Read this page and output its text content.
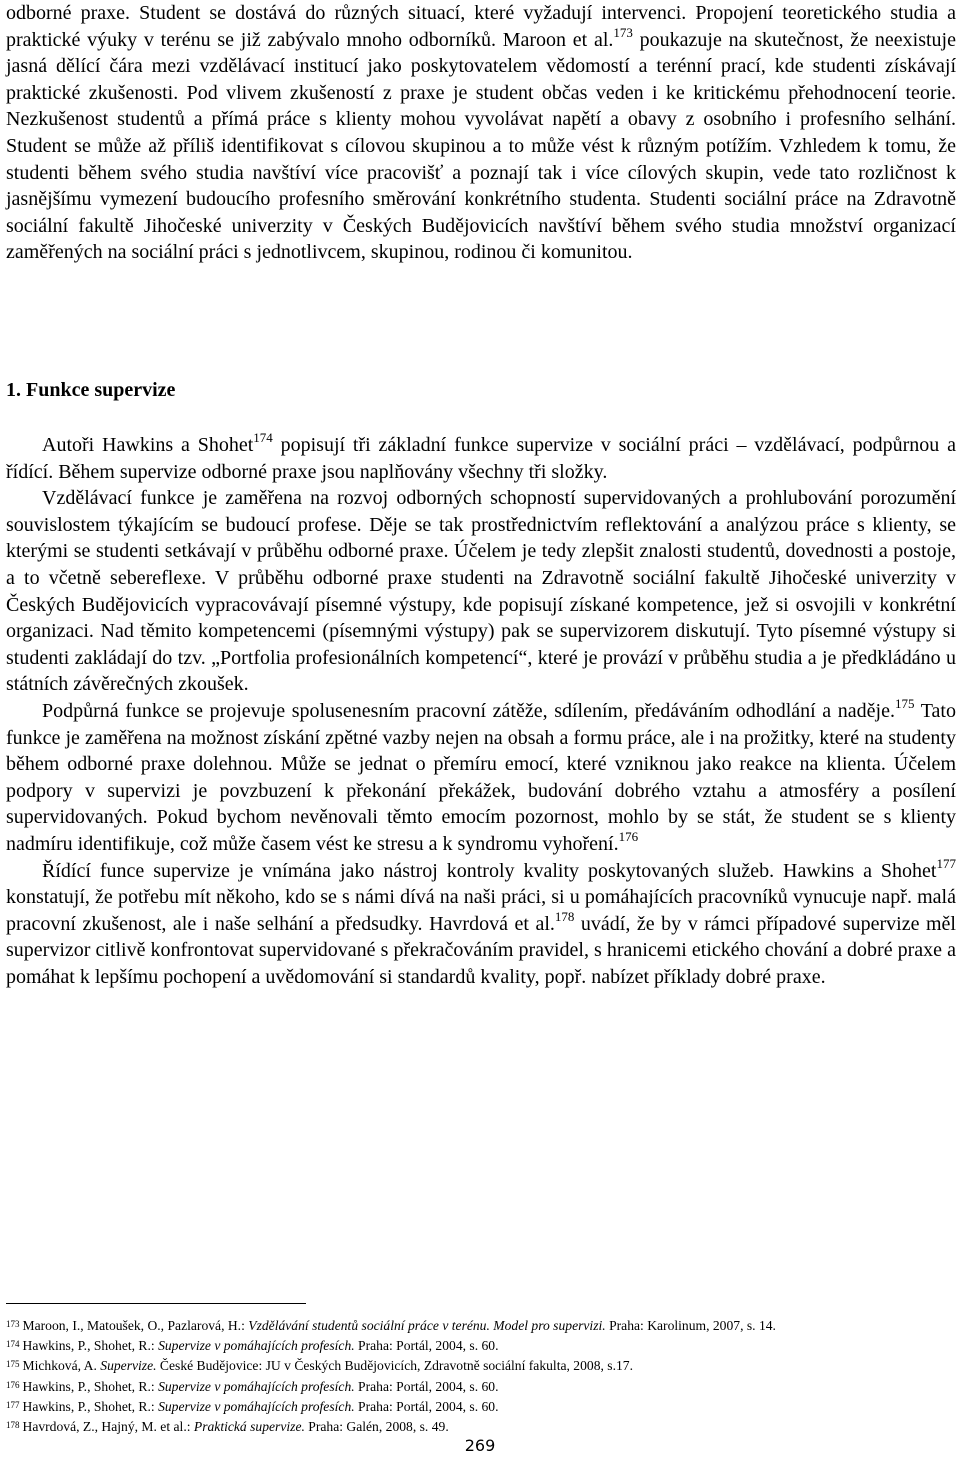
odborné praxe. Student se dostává do různých situací, které vyžadují intervenci. Propojení teoretického studia a praktické výuky v terénu se již zabývalo mnoho odborníků. Maroon et al.$^{173}$ poukazuje na skutečnost, že neexistuje jasná dělící čára mezi vzdělávací institucí jako poskytovatelem vědomostí a terénní prací, kde studenti získávají praktické zkušenosti. Pod vlivem zkušeností z praxe je student občas veden i ke kritickému přehodnocení teorie. Nezkušenost studentů a přímá práce s klienty mohou vyvolávat napětí a obavy z osobního i profesního selhání. Student se může až příliš identifikovat s cílovou skupinou a to může vést k různým potížím. Vzhledem k tomu, že studenti během svého studia navštíví více pracovišť a poznají tak i více cílových skupin, vede tato rozličnost k jasnějšímu vymezení budoucího profesního směrování konkrétního studenta. Studenti sociální práce na Zdravotně sociální fakultě Jihočeské univerzity v Českých Budějovicích navštíví během svého studia množství organizací zaměřených na sociální práci s jednotlivcem, skupinou, rodinou či komunitou.

1. Funkce supervize

Autoři Hawkins a Shohet$^{174}$ popisují tři základní funkce supervize v sociální práci – vzdělávací, podpůrnou a řídící. Během supervize odborné praxe jsou naplňovány všechny tři složky.

Vzdělávací funkce je zaměřena na rozvoj odborných schopností supervidovaných a prohlubování porozumění souvislostem týkajícím se budoucí profese. Děje se tak prostřednictvím reflektování a analýzou práce s klienty, se kterými se studenti setkávají v průběhu odborné praxe. Účelem je tedy zlepšit znalosti studentů, dovednosti a postoje, a to včetně sebereflexe. V průběhu odborné praxe studenti na Zdravotně sociální fakultě Jihočeské univerzity v Českých Budějovicích vypracovávají písemné výstupy, kde popisují získané kompetence, jež si osvojili v konkrétní organizaci. Nad těmito kompetencemi (písemnými výstupy) pak se supervizorem diskutují. Tyto písemné výstupy si studenti zakládají do tzv. „Portfolia profesionálních kompetencí“, které je provází v průběhu studia a je předkládáno u státních závěrečných zkoušek.

Podpůrná funkce se projevuje spolusenesním pracovní zátěže, sdílením, předáváním odhodlání a naděje.$^{175}$ Tato funkce je zaměřena na možnost získání zpětné vazby nejen na obsah a formu práce, ale i na prožitky, které na studenty během odborné praxe dolehnou. Může se jednat o přemíru emocí, které vzniknou jako reakce na klienta. Účelem podpory v supervizi je povzbuzení k překonání překážek, budování dobrého vztahu a atmosféry a posílení supervidovaných. Pokud bychom nevěnovali těmto emocím pozornost, mohlo by se stát, že student se s klienty nadmíru identifikuje, což může časem vést ke stresu a k syndromu vyhoření.$^{176}$

Řídící funce supervize je vnímána jako nástroj kontroly kvality poskytovaných služeb. Hawkins a Shohet$^{177}$ konstatují, že potřebu mít někoho, kdo se s námi dívá na naši práci, si u pomáhajících pracovníků vynucuje např. malá pracovní zkušenost, ale i naše selhání a předsudky. Havrdová et al.$^{178}$ uvádí, že by v rámci případové supervize měl supervizor citlivě konfrontovat supervidované s překračováním pravidel, s hranicemi etického chování a dobré praxe a pomáhat k lepšímu pochopení a uvědomování si standardů kvality, popř. nabízet příklady dobré praxe.

$^{173}$ Maroon, I., Matoušek, O., Pazlarová, H.: Vzdělávání studentů sociální práce v terénu. Model pro supervizi. Praha: Karolinum, 2007, s. 14.

$^{174}$ Hawkins, P., Shohet, R.: Supervize v pomáhajících profesích. Praha: Portál, 2004, s. 60.

$^{175}$ Michková, A. Supervize. České Budějovice: JU v Českých Budějovicích, Zdravotně sociální fakulta, 2008, s.17.

$^{176}$ Hawkins, P., Shohet, R.: Supervize v pomáhajících profesích. Praha: Portál, 2004, s. 60.

$^{177}$ Hawkins, P., Shohet, R.: Supervize v pomáhajících profesích. Praha: Portál, 2004, s. 60.

$^{178}$ Havrdová, Z., Hajný, M. et al.: Praktická supervize. Praha: Galén, 2008, s. 49.

269
